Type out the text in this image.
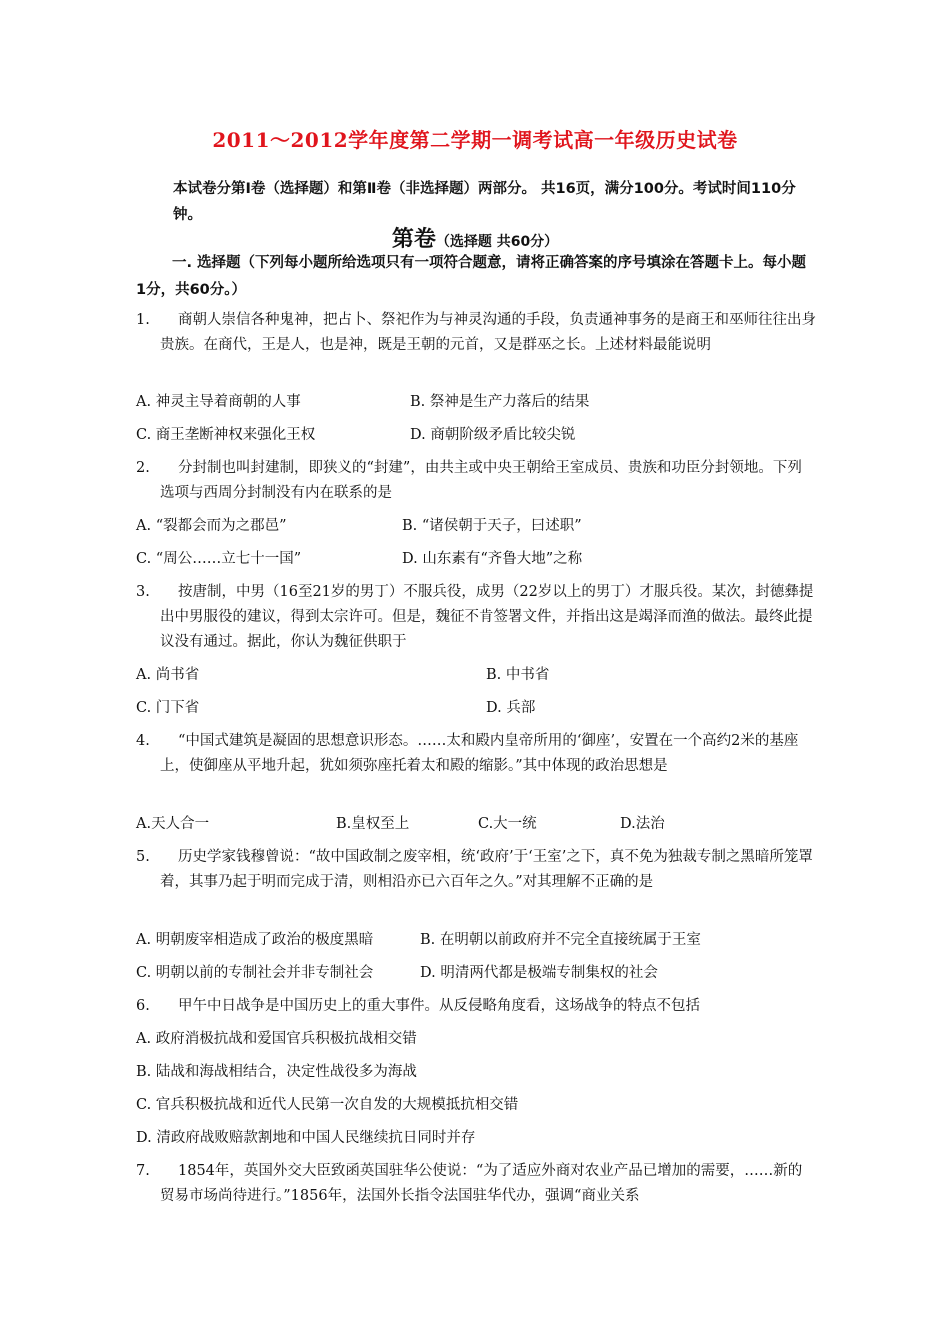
2011～2012学年度第二学期一调考试高一年级历史试卷
本试卷分第Ⅰ卷（选择题）和第Ⅱ卷（非选择题）两部分。 共16页，满分100分。考试时间110分钟。
第卷（选择题 共60分）
一. 选择题（下列每小题所给选项只有一项符合题意，请将正确答案的序号填涂在答题卡上。每小题1分，共60分。）
1.	商朝人崇信各种鬼神，把占卜、祭祀作为与神灵沟通的手段，负责通神事务的是商王和巫师往往出身贵族。在商代，王是人，也是神，既是王朝的元首，又是群巫之长。上述材料最能说明
A. 神灵主导着商朝的人事	B. 祭神是生产力落后的结果
C. 商王垄断神权来强化王权	D. 商朝阶级矛盾比较尖锐
2.	分封制也叫封建制，即狭义的“封建”，由共主或中央王朝给王室成员、贵族和功臣分封领地。下列选项与西周分封制没有内在联系的是
A. “裂都会而为之郡邑”	B. “诸侯朝于天子，曰述职”
C. “周公……立七十一国”	D. 山东素有“齐鲁大地”之称
3.	按唐制，中男（16至21岁的男丁）不服兵役，成男（22岁以上的男丁）才服兵役。某次，封德彝提出中男服役的建议，得到太宗许可。但是，魏征不肯签署文件，并指出这是竭泽而渔的做法。最终此提议没有通过。据此，你认为魏征供职于
A. 尚书省	B. 中书省
C. 门下省	D. 兵部
4.	“中国式建筑是凝固的思想意识形态。……太和殿内皇帝所用的‘御座’，安置在一个高约2米的基座上，使御座从平地升起，犹如须弥座托着太和殿的缩影。”其中体现的政治思想是
A.天人合一	B.皇权至上	C.大一统	D.法治
5.	历史学家钱穆曾说：“故中国政制之废宰相，统‘政府’于‘王室’之下，真不免为独裁专制之黑暗所笼罩着，其事乃起于明而完成于清，则相沿亦已六百年之久。”对其理解不正确的是
A. 明朝废宰相造成了政治的极度黑暗	B. 在明朝以前政府并不完全直接统属于王室
C. 明朝以前的专制社会并非专制社会	D. 明清两代都是极端专制集权的社会
6.	甲午中日战争是中国历史上的重大事件。从反侵略角度看，这场战争的特点不包括
A. 政府消极抗战和爱国官兵积极抗战相交错
B. 陆战和海战相结合，决定性战役多为海战
C. 官兵积极抗战和近代人民第一次自发的大规模抵抗相交错
D. 清政府战败赔款割地和中国人民继续抗日同时并存
7.	1854年，英国外交大臣致函英国驻华公使说：“为了适应外商对农业产品已增加的需要，……新的贸易市场尚待进行。”1856年，法国外长指令法国驻华代办，强调“商业关系
